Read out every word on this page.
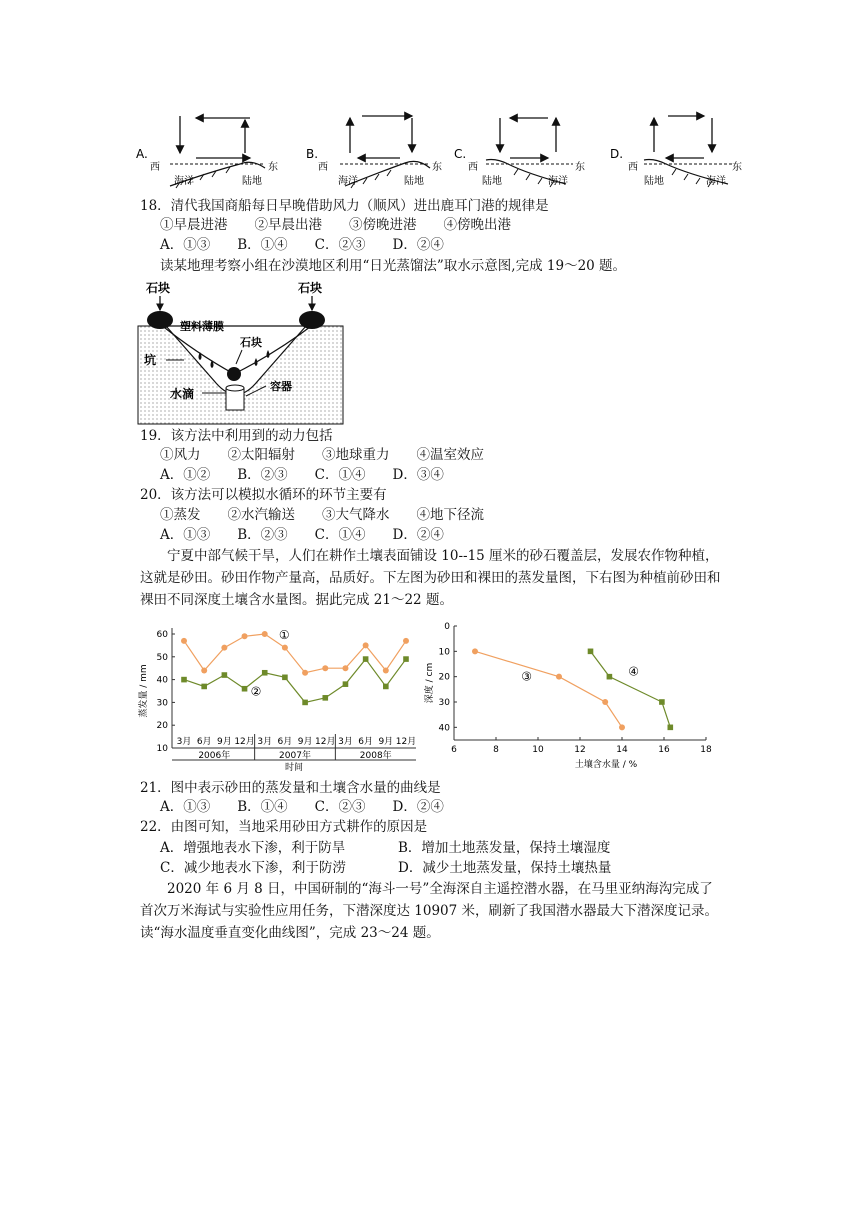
A.
西	东
海洋	陆地
B.
西	东
海洋	陆地
C.
西	东
陆地	海洋
D.
西	东
陆地	海洋
18．清代我国商船每日早晚借助风力（顺风）进出鹿耳门港的规律是
①早晨进港　　②早晨出港　　③傍晚进港　　④傍晚出港
A．①③　　B．①④　　C．②③　　D．②④
读某地理考察小组在沙漠地区利用“日光蒸馏法”取水示意图,完成 19～20 题。
石块	石块
塑料薄膜
石块
坑
水滴
容器
19．该方法中利用到的动力包括
①风力　　②太阳辐射　　③地球重力　　④温室效应
A．①②　　B．②③　　C．①④　　D．③④
20．该方法可以模拟水循环的环节主要有
①蒸发　　②水汽输送　　③大气降水　　④地下径流
A．①③　　B．②③　　C．①④　　D．②④
宁夏中部气候干旱，人们在耕作土壤表面铺设 10--15 厘米的砂石覆盖层，发展农作物种植，这就是砂田。砂田作物产量高，品质好。下左图为砂田和裸田的蒸发量图，下右图为种植前砂田和裸田不同深度土壤含水量图。据此完成 21～22 题。
10
20
30
40
50
60
3月 6月 9月 12月 3月 6月 9月 12月 3月 6月 9月 12月
2006年	2007年	2008年
时间
蒸发量 / mm
①
②
0
10
20
30
40
6	8	10	12	14	16	18
土壤含水量 / %
深度 / cm	③	④
21．图中表示砂田的蒸发量和土壤含水量的曲线是
A．①③　　B．①④　　C．②③　　D．②④
22．由图可知，当地采用砂田方式耕作的原因是
A．增强地表水下渗，利于防旱	B．增加土地蒸发量，保持土壤湿度
C．减少地表水下渗，利于防涝	D．减少土地蒸发量，保持土壤热量
2020 年 6 月 8 日，中国研制的“海斗一号”全海深自主遥控潜水器，在马里亚纳海沟完成了首次万米海试与实验性应用任务，下潜深度达 10907 米，刷新了我国潜水器最大下潜深度记录。读“海水温度垂直变化曲线图”，完成 23～24 题。
